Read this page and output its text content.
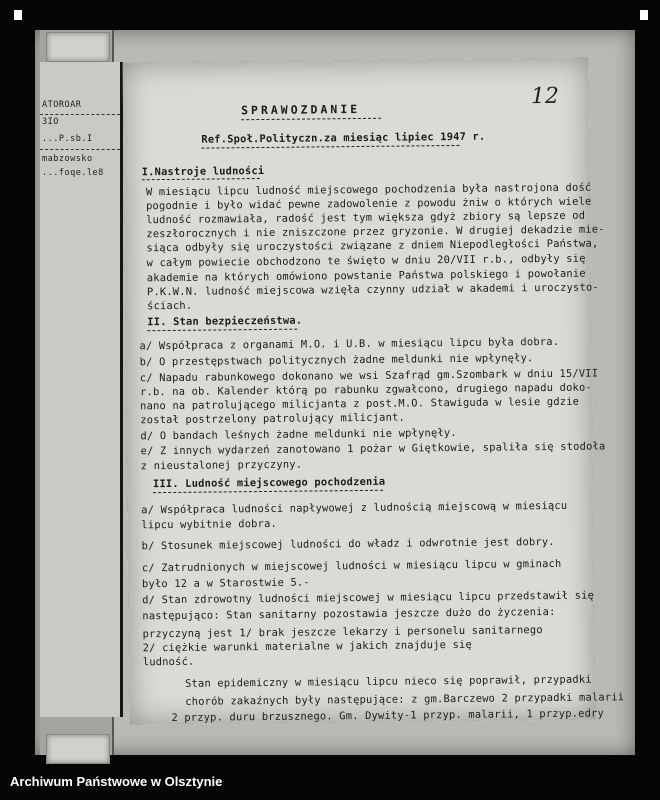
ATOROAR
ЗIO
...P.sb.I
mabzowsko
...foqe.le8
12
SPRAWOZDANIE
Ref.Społ.Polityczn.za miesiąc lipiec 1947 r.
I.Nastroje ludności
W miesiącu lipcu ludność miejscowego pochodzenia była nastrojona dość
pogodnie i było widać pewne zadowolenie z powodu żniw o których wiele
ludność rozmawiała, radość jest tym większa gdyż zbiory są lepsze od
zeszłorocznych i nie zniszczone przez gryzonie. W drugiej dekadzie mie-
siąca odbyły się uroczystości związane z dniem Niepodległości Państwa,
w całym powiecie obchodzono te święto w dniu 20/VII r.b., odbyły się
akademie na których omówiono powstanie Państwa polskiego i powołanie
P.K.W.N. ludność miejscowa wzięła czynny udział w akademi i uroczysto-
ściach.
II. Stan bezpieczeństwa.
a/ Współpraca z organami M.O. i U.B. w miesiącu lipcu była dobra.
b/ O przestępstwach politycznych żadne meldunki nie wpłynęły.
c/ Napadu rabunkowego dokonano we wsi Szafrąd gm.Szombark w dniu 15/VII
r.b. na ob. Kalender którą po rabunku zgwałcono, drugiego napadu doko-
nano na patrolującego milicjanta z post.M.O. Stawiguda w lesie gdzie
został postrzelony patrolujący milicjant.
d/ O bandach leśnych żadne meldunki nie wpłynęły.
e/ Z innych wydarzeń zanotowano 1 pożar w Giętkowie, spaliła się stodoła
z nieustalonej przyczyny.
III. Ludność miejscowego pochodzenia
a/ Współpraca ludności napływowej z ludnością miejscową w miesiącu
lipcu wybitnie dobra.
b/ Stosunek miejscowej ludności do władz i odwrotnie jest dobry.
c/ Zatrudnionych w miejscowej ludności w miesiącu lipcu w gminach
było 12 a w Starostwie 5.-
d/ Stan zdrowotny ludności miejscowej w miesiącu lipcu przedstawił się
następująco: Stan sanitarny pozostawia jeszcze dużo do życzenia:
przyczyną jest 1/ brak jeszcze lekarzy i personelu sanitarnego
2/ ciężkie warunki materialne w jakich znajduje się
ludność.
Stan epidemiczny w miesiącu lipcu nieco się poprawił, przypadki
chorób zakaźnych były następujące: z gm.Barczewo 2 przypadki malarii
2 przyp. duru brzusznego. Gm. Dywity-1 przyp. malarii, 1 przyp.edry
Archiwum Państwowe w Olsztynie
